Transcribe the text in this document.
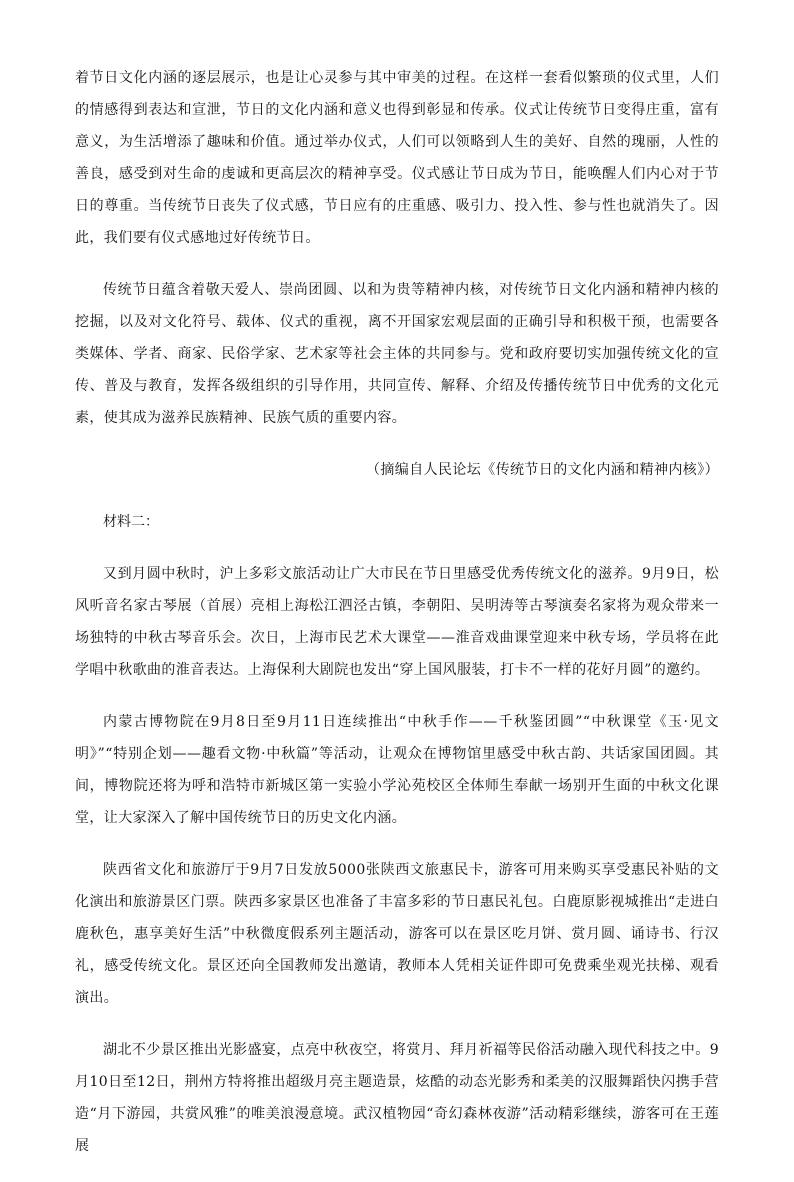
着节日文化内涵的逐层展示，也是让心灵参与其中审美的过程。在这样一套看似繁琐的仪式里，人们的情感得到表达和宣泄，节日的文化内涵和意义也得到彰显和传承。仪式让传统节日变得庄重，富有意义，为生活增添了趣味和价值。通过举办仪式，人们可以领略到人生的美好、自然的瑰丽，人性的善良，感受到对生命的虔诚和更高层次的精神享受。仪式感让节日成为节日，能唤醒人们内心对于节日的尊重。当传统节日丧失了仪式感，节日应有的庄重感、吸引力、投入性、参与性也就消失了。因此，我们要有仪式感地过好传统节日。

传统节日蕴含着敬天爱人、崇尚团圆、以和为贵等精神内核，对传统节日文化内涵和精神内核的挖掘，以及对文化符号、载体、仪式的重视，离不开国家宏观层面的正确引导和积极干预，也需要各类媒体、学者、商家、民俗学家、艺术家等社会主体的共同参与。党和政府要切实加强传统文化的宣传、普及与教育，发挥各级组织的引导作用，共同宣传、解释、介绍及传播传统节日中优秀的文化元素，使其成为滋养民族精神、民族气质的重要内容。

（摘编自人民论坛《传统节日的文化内涵和精神内核》）

材料二：

又到月圆中秋时，沪上多彩文旅活动让广大市民在节日里感受优秀传统文化的滋养。9月9日，松风听音名家古琴展（首展）亮相上海松江泗泾古镇，李朝阳、吴明涛等古琴演奏名家将为观众带来一场独特的中秋古琴音乐会。次日，上海市民艺术大课堂——淮音戏曲课堂迎来中秋专场，学员将在此学唱中秋歌曲的淮音表达。上海保利大剧院也发出“穿上国风服装，打卡不一样的花好月圆”的邀约。

内蒙古博物院在9月8日至9月11日连续推出“中秋手作——千秋鉴团圆”“中秋课堂《玉·见文明》”“特别企划——趣看文物·中秋篇”等活动，让观众在博物馆里感受中秋古韵、共话家国团圆。其间，博物院还将为呼和浩特市新城区第一实验小学沁苑校区全体师生奉献一场别开生面的中秋文化课堂，让大家深入了解中国传统节日的历史文化内涵。

陕西省文化和旅游厅于9月7日发放5000张陕西文旅惠民卡，游客可用来购买享受惠民补贴的文化演出和旅游景区门票。陕西多家景区也准备了丰富多彩的节日惠民礼包。白鹿原影视城推出“走进白鹿秋色，惠享美好生活”中秋微度假系列主题活动，游客可以在景区吃月饼、赏月圆、诵诗书、行汉礼，感受传统文化。景区还向全国教师发出邀请，教师本人凭相关证件即可免费乘坐观光扶梯、观看演出。

湖北不少景区推出光影盛宴，点亮中秋夜空，将赏月、拜月祈福等民俗活动融入现代科技之中。9月10日至12日，荆州方特将推出超级月亮主题造景，炫酷的动态光影秀和柔美的汉服舞蹈快闪携手营造“月下游园，共赏风雅”的唯美浪漫意境。武汉植物园“奇幻森林夜游”活动精彩继续，游客可在王莲展
